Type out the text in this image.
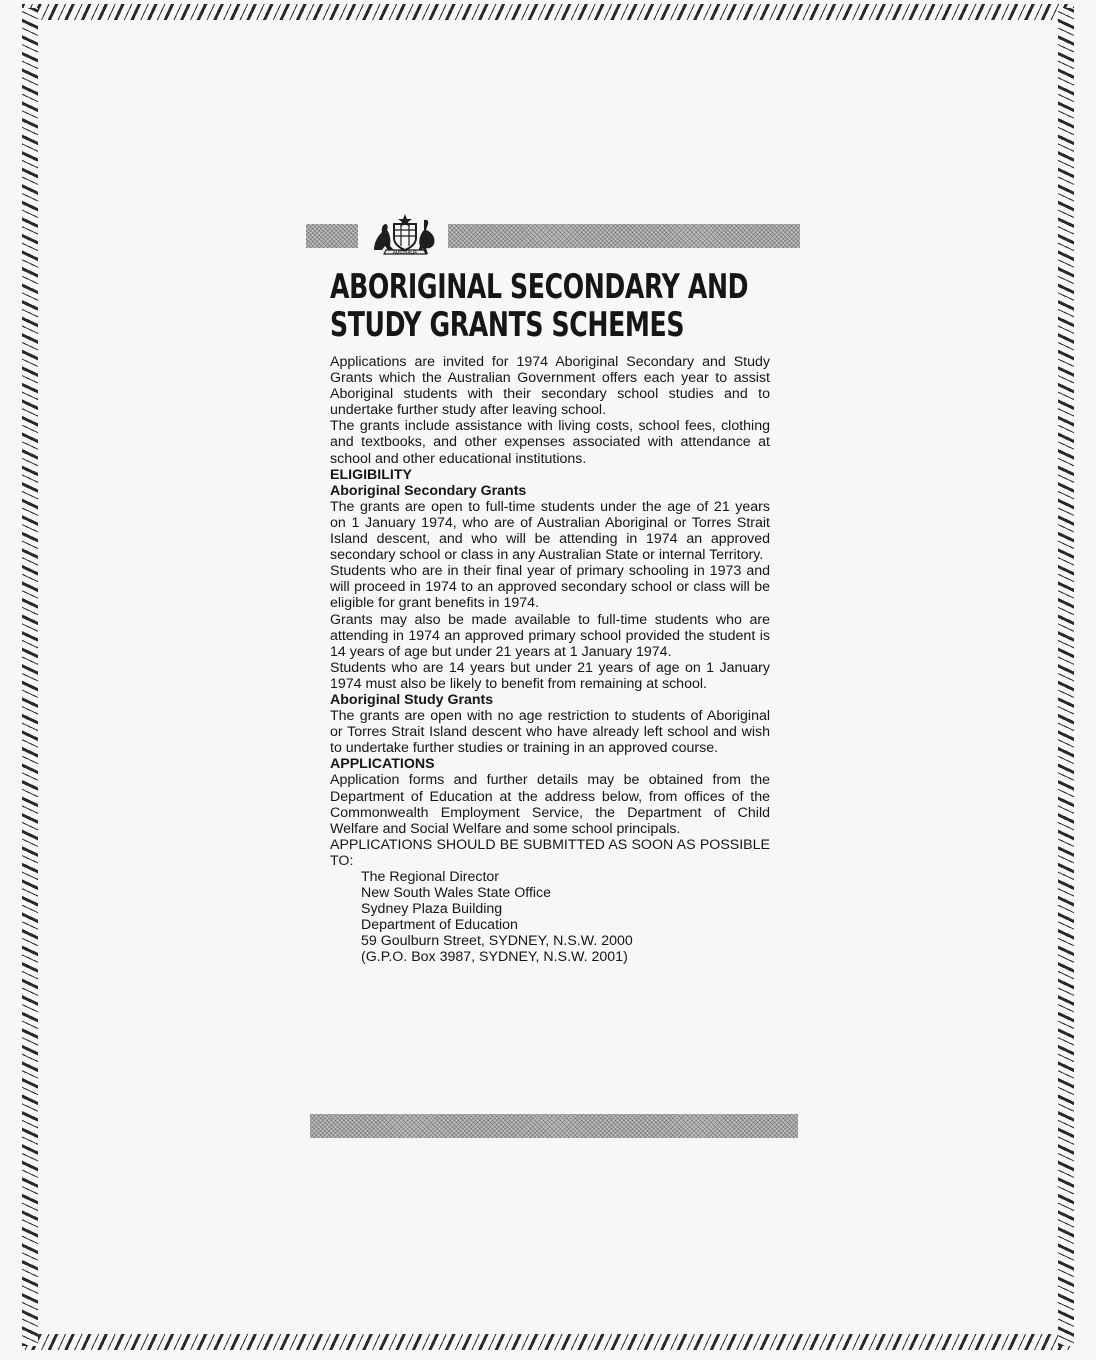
AUSTRALIA
ABORIGINAL SECONDARY AND
STUDY GRANTS SCHEMES

Applications are invited for 1974 Aboriginal Secondary and Study Grants which the Australian Government offers each year to assist Aboriginal students with their secondary school studies and to undertake further study after leaving school.

The grants include assistance with living costs, school fees, clothing and textbooks, and other expenses associated with attendance at school and other educational institutions.

ELIGIBILITY

Aboriginal Secondary Grants

The grants are open to full-time students under the age of 21 years on 1 January 1974, who are of Australian Aboriginal or Torres Strait Island descent, and who will be attending in 1974 an approved secondary school or class in any Australian State or internal Territory.

Students who are in their final year of primary schooling in 1973 and will proceed in 1974 to an approved secondary school or class will be eligible for grant benefits in 1974.

Grants may also be made available to full-time students who are attending in 1974 an approved primary school provided the student is 14 years of age but under 21 years at 1 January 1974.

Students who are 14 years but under 21 years of age on 1 January 1974 must also be likely to benefit from remaining at school.

Aboriginal Study Grants

The grants are open with no age restriction to students of Aboriginal or Torres Strait Island descent who have already left school and wish to undertake further studies or training in an approved course.

APPLICATIONS

Application forms and further details may be obtained from the Department of Education at the address below, from offices of the Commonwealth Employment Service, the Department of Child Welfare and Social Welfare and some school principals.

APPLICATIONS SHOULD BE SUBMITTED AS SOON AS POSSIBLE TO:

The Regional Director
New South Wales State Office
Sydney Plaza Building
Department of Education
59 Goulburn Street, SYDNEY, N.S.W. 2000
(G.P.O. Box 3987, SYDNEY, N.S.W. 2001)
